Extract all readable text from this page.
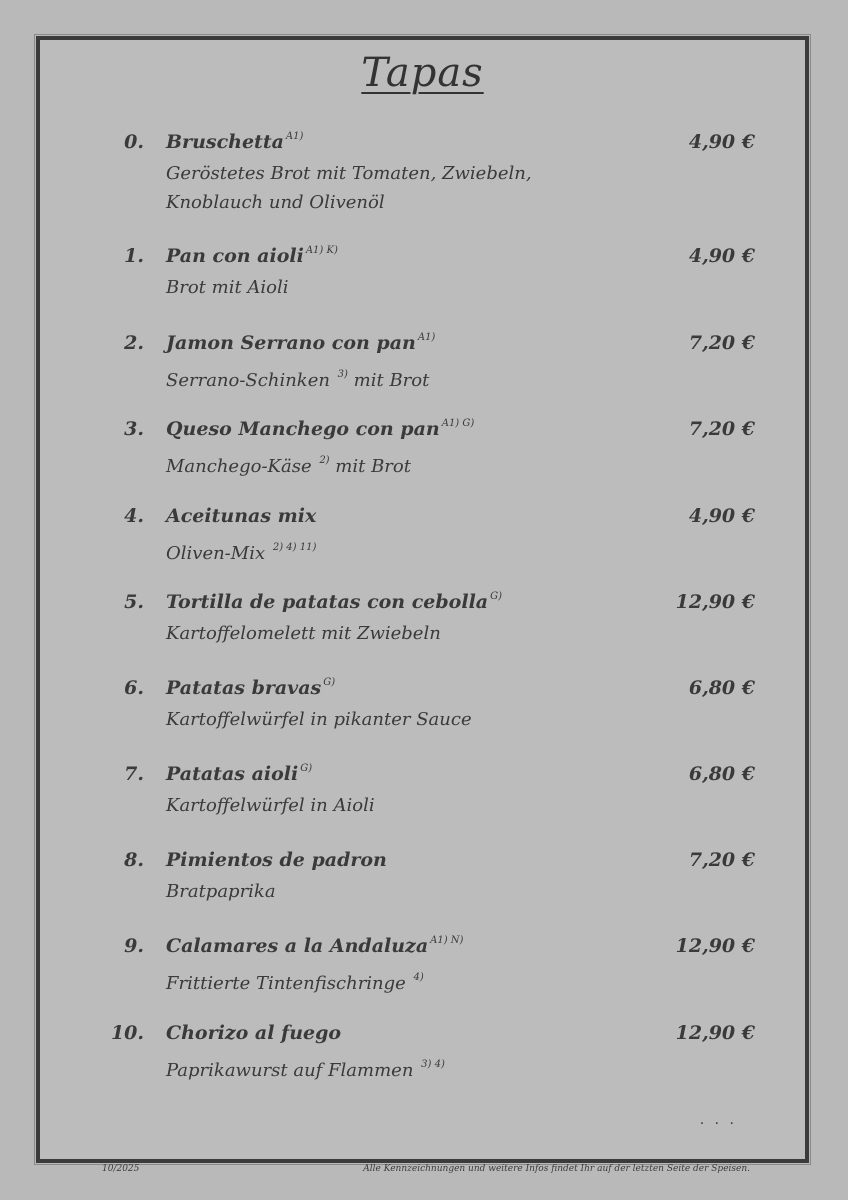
Tapas
0. Bruschetta $^{A1)}$	4,90 €
Geröstetes Brot mit Tomaten, Zwiebeln, Knoblauch und Olivenöl
1. Pan con aioli $^{A1) K)}$	4,90 €
Brot mit Aioli
2. Jamon Serrano con pan $^{A1)}$	7,20 €
Serrano-Schinken $^{3)}$ mit Brot
3. Queso Manchego con pan $^{A1) G)}$	7,20 €
Manchego-Käse $^{2)}$ mit Brot
4. Aceitunas mix	4,90 €
Oliven-Mix $^{2) 4) 11)}$
5. Tortilla de patatas con cebolla $^{G)}$	12,90 €
Kartoffelomelett mit Zwiebeln
6. Patatas bravas $^{G)}$	6,80 €
Kartoffelwürfel in pikanter Sauce
7. Patatas aioli $^{G)}$	6,80 €
Kartoffelwürfel in Aioli
8. Pimientos de padron	7,20 €
Bratpaprika
9. Calamares a la Andaluza $^{A1) N)}$	12,90 €
Frittierte Tintenfischringe $^{4)}$
10. Chorizo al fuego	12,90 €
Paprikawurst auf Flammen $^{3) 4)}$
. . .
10/2025	Alle Kennzeichnungen und weitere Infos findet Ihr auf der letzten Seite der Speisen.
